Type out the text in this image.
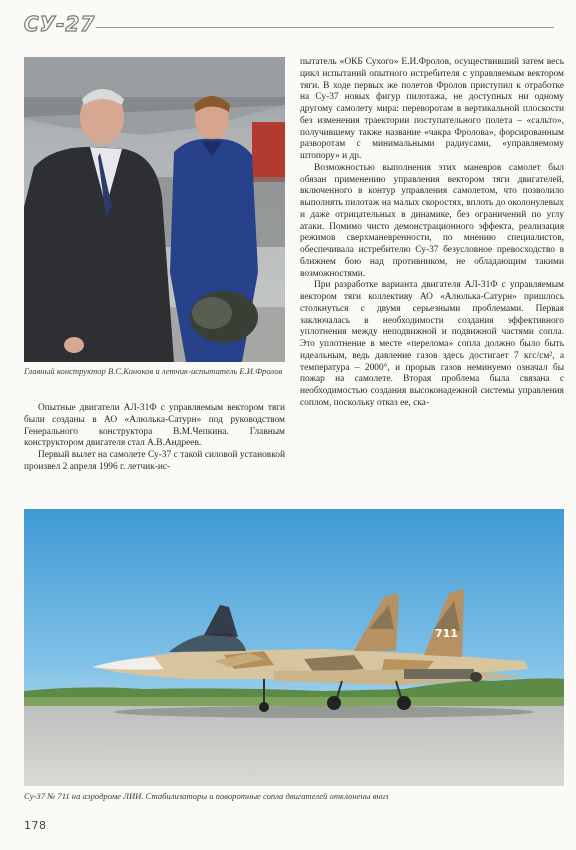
СУ-27
Главный конструктор В.С.Коноков и летчик-испытатель Е.И.Фролов

Опытные двигатели АЛ-31Ф с управляемым вектором тяги были созданы в АО «Алюлька-Сатурн» под руководством Генерального конструктора В.М.Чепкина. Главным конструктором двигателя стал А.В.Андреев.

Первый вылет на самолете Су-37 с такой силовой установкой произвел 2 апреля 1996 г. летчик-ис-

пытатель «ОКБ Сухого» Е.И.Фролов, осуществивший затем весь цикл испытаний опытного истребителя с управляемым вектором тяги. В ходе первых же полетов Фролов приступил к отработке на Су-37 новых фигур пилотажа, не доступных ни одному другому самолету мира: переворотам в вертикальной плоскости без изменения траектории поступательного полета – «сальто», получившему также название «чакра Фролова», форсированным разворотам с минимальными радиусами, «управляемому штопору» и др.

Возможностью выполнения этих маневров самолет был обязан применению управления вектором тяги двигателей, включенного в контур управления самолетом, что позволило выполнять пилотаж на малых скоростях, вплоть до околонулевых и даже отрицательных в динамике, без ограничений по углу атаки. Помимо чисто демонстрационного эффекта, реализация режимов сверхманевренности, по мнению специалистов, обеспечивала истребителю Су-37 безусловное превосходство в ближнем бою над противником, не обладающим такими возможностями.

При разработке варианта двигателя АЛ-31Ф с управляемым вектором тяги коллективу АО «Алюлька-Сатурн» пришлось столкнуться с двумя серьезными проблемами. Первая заключалась в необходимости создания эффективного уплотнения между неподвижной и подвижной частями сопла. Это уплотнение в месте «перелома» сопла должно было быть идеальным, ведь давление газов здесь достигает 7 кгс/см², а температура – 2000°, и прорыв газов неминуемо означал бы пожар на самолете. Вторая проблема была связана с необходимостью создания высоконадежной системы управления соплом, поскольку отказ ее, ска-

711
Су-37 № 711 на аэродроме ЛИИ. Стабилизаторы и поворотные сопла двигателей отклонены вниз
178
